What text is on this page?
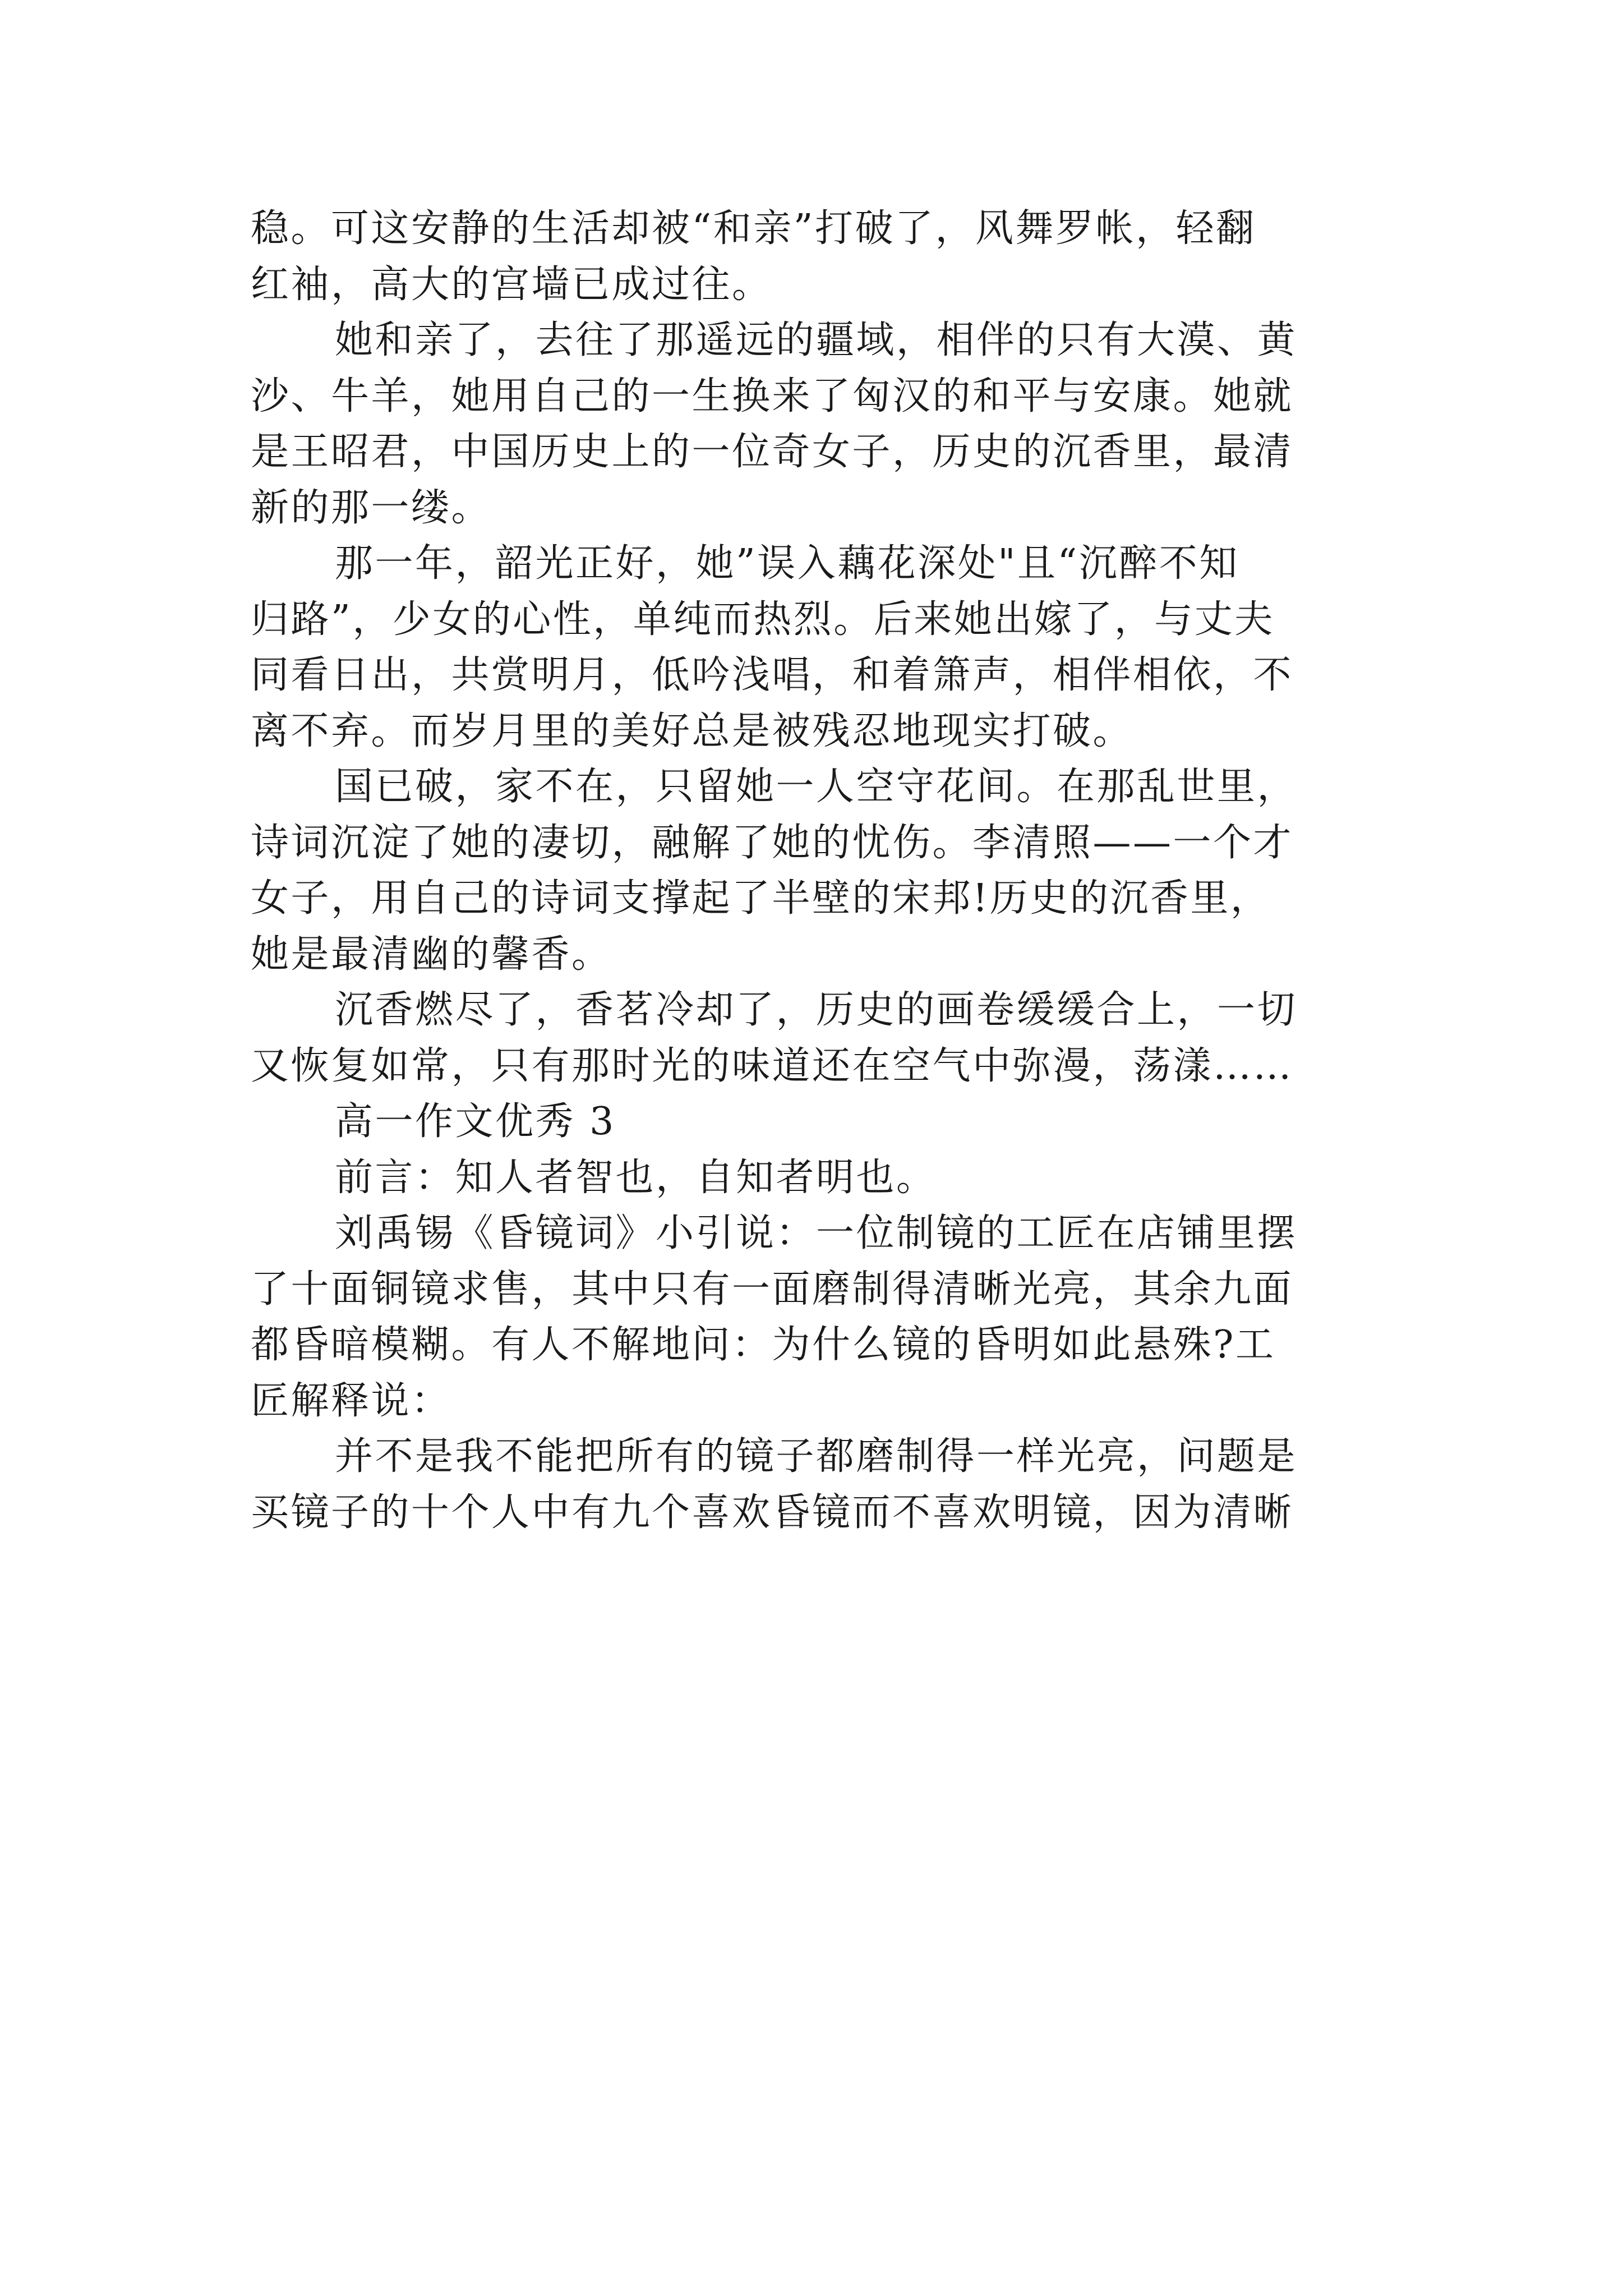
稳。可这安静的生活却被“和亲”打破了，风舞罗帐，轻翻
红袖，高大的宫墙已成过往。
她和亲了，去往了那遥远的疆域，相伴的只有大漠、黄
沙、牛羊，她用自己的一生换来了匈汉的和平与安康。她就
是王昭君，中国历史上的一位奇女子，历史的沉香里，最清
新的那一缕。
那一年，韶光正好，她”误入藕花深处"且“沉醉不知
归路”，少女的心性，单纯而热烈。后来她出嫁了，与丈夫
同看日出，共赏明月，低吟浅唱，和着箫声，相伴相依，不
离不弃。而岁月里的美好总是被残忍地现实打破。
国已破，家不在，只留她一人空守花间。在那乱世里，
诗词沉淀了她的凄切，融解了她的忧伤。李清照——一个才
女子，用自己的诗词支撑起了半壁的宋邦!历史的沉香里，
她是最清幽的馨香。
沉香燃尽了，香茗冷却了，历史的画卷缓缓合上，一切
又恢复如常，只有那时光的味道还在空气中弥漫，荡漾……
高一作文优秀 3
前言：知人者智也，自知者明也。
刘禹锡《昏镜词》小引说：一位制镜的工匠在店铺里摆
了十面铜镜求售，其中只有一面磨制得清晰光亮，其余九面
都昏暗模糊。有人不解地问：为什么镜的昏明如此悬殊?工
匠解释说：
并不是我不能把所有的镜子都磨制得一样光亮，问题是
买镜子的十个人中有九个喜欢昏镜而不喜欢明镜，因为清晰
